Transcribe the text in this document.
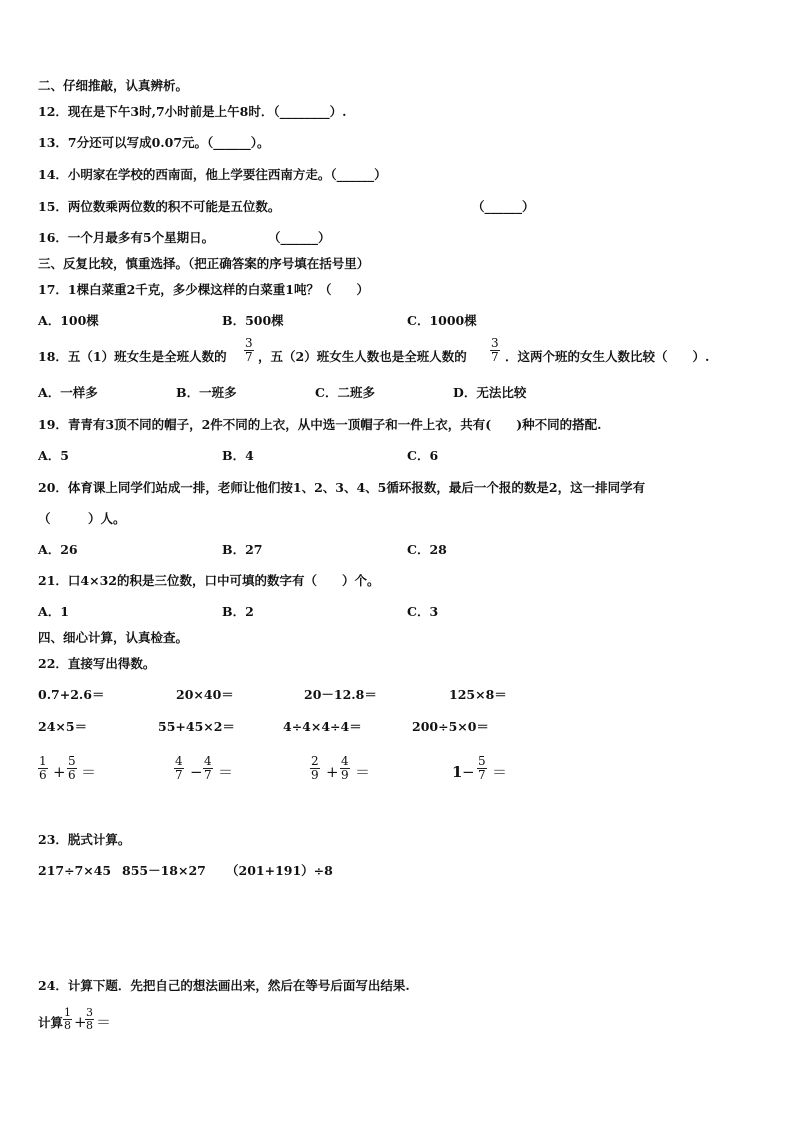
二、仔细推敲，认真辨析。
12．现在是下午3时,7小时前是上午8时．（________）.
13．7分还可以写成0.07元。（______）。
14．小明家在学校的西南面，他上学要往西南方走。（______）
15．两位数乘两位数的积不可能是五位数。	（______）
16．一个月最多有5个星期日。	（______）
三、反复比较，慎重选择。（把正确答案的序号填在括号里）
17．1棵白菜重2千克，多少棵这样的白菜重1吨？（　　）
A．100棵	B．500棵	C．1000棵
18．五（1）班女生是全班人数的 $\frac{3}{7}$ ，五（2）班女生人数也是全班人数的 $\frac{3}{7}$ ．这两个班的女生人数比较（　　）.
A．一样多	B．一班多	C．二班多	D．无法比较
19．青青有3顶不同的帽子，2件不同的上衣，从中选一顶帽子和一件上衣，共有(　　)种不同的搭配.
A．5	B．4	C．6
20．体育课上同学们站成一排，老师让他们按1、2、3、4、5循环报数，最后一个报的数是2，这一排同学有
（　　　）人。
A．26	B．27	C．28
21．口4×32的积是三位数，口中可填的数字有（　　）个。
A．1	B．2	C．3
四、细心计算，认真检查。
22．直接写出得数。
0.7+2.6＝	20×40＝	20－12.8＝	125×8＝
24×5＝	55+45×2＝	4÷4×4÷4＝	200÷5×0＝
$\frac{1}{6} + \frac{5}{6}$ ＝	$\frac{4}{7} - \frac{4}{7}$ ＝	$\frac{2}{9} + \frac{4}{9}$ ＝	$1 - \frac{5}{7}$ ＝
23．脱式计算。
217÷7×45 855－18×27 （201+191）÷8
24．计算下题．先把自己的想法画出来，然后在等号后面写出结果.
计算 $\frac{1}{8}$ +
$\frac{3}{8}$ ＝
